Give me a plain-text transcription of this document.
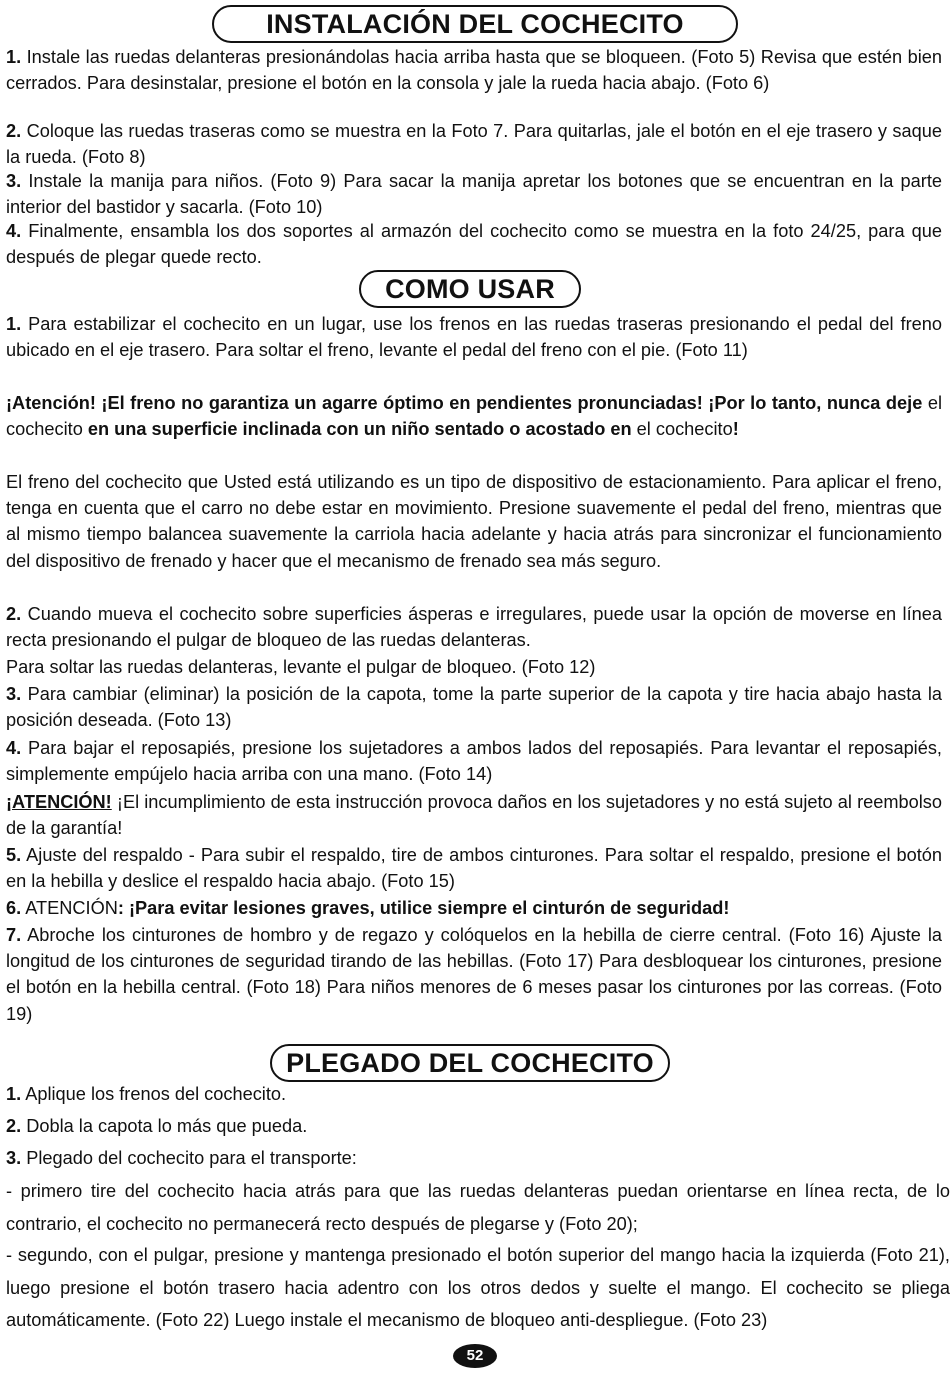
INSTALACIÓN DEL COCHECITO

1. Instale las ruedas delanteras presionándolas hacia arriba hasta que se bloqueen. (Foto 5) Revisa que estén bien cerrados. Para desinstalar, presione el botón en la consola y jale la rueda hacia abajo. (Foto 6)

2. Coloque las ruedas traseras como se muestra en la Foto 7. Para quitarlas, jale el botón en el eje trasero y saque la rueda. (Foto 8)

3. Instale la manija para niños. (Foto 9) Para sacar la manija apretar los botones que se encuentran en la parte interior del bastidor y sacarla. (Foto 10)

4. Finalmente, ensambla los dos soportes al armazón del cochecito como se muestra en la foto 24/25, para que después de plegar quede recto.

COMO USAR

1. Para estabilizar el cochecito en un lugar, use los frenos en las ruedas traseras presionando el pedal del freno ubicado en el eje trasero. Para soltar el freno, levante el pedal del freno con el pie. (Foto 11)

¡Atención! ¡El freno no garantiza un agarre óptimo en pendientes pronunciadas! ¡Por lo tanto, nunca deje el cochecito en una superficie inclinada con un niño sentado o acostado en el cochecito!

El freno del cochecito que Usted está utilizando es un tipo de dispositivo de estacionamiento. Para aplicar el freno, tenga en cuenta que el carro no debe estar en movimiento. Presione suavemente el pedal del freno, mientras que al mismo tiempo balancea suavemente la carriola hacia adelante y hacia atrás para sincronizar el funcionamiento del dispositivo de frenado y hacer que el mecanismo de frenado sea más seguro.

2. Cuando mueva el cochecito sobre superficies ásperas e irregulares, puede usar la opción de moverse en línea recta presionando el pulgar de bloqueo de las ruedas delanteras.

Para soltar las ruedas delanteras, levante el pulgar de bloqueo. (Foto 12)

3. Para cambiar (eliminar) la posición de la capota, tome la parte superior de la capota y tire hacia abajo hasta la posición deseada. (Foto 13)

4. Para bajar el reposapiés, presione los sujetadores a ambos lados del reposapiés. Para levantar el reposapiés, simplemente empújelo hacia arriba con una mano. (Foto 14)

¡ATENCIÓN! ¡El incumplimiento de esta instrucción provoca daños en los sujetadores y no está sujeto al reembolso de la garantía!

5. Ajuste del respaldo - Para subir el respaldo, tire de ambos cinturones. Para soltar el respaldo, presione el botón en la hebilla y deslice el respaldo hacia abajo. (Foto 15)

6. ATENCIÓN: ¡Para evitar lesiones graves, utilice siempre el cinturón de seguridad!

7. Abroche los cinturones de hombro y de regazo y colóquelos en la hebilla de cierre central. (Foto 16) Ajuste la longitud de los cinturones de seguridad tirando de las hebillas. (Foto 17) Para desbloquear los cinturones, presione el botón en la hebilla central. (Foto 18) Para niños menores de 6 meses pasar los cinturones por las correas. (Foto 19)

PLEGADO DEL COCHECITO

1. Aplique los frenos del cochecito.

2. Dobla la capota lo más que pueda.

3. Plegado del cochecito para el transporte:

- primero tire del cochecito hacia atrás para que las ruedas delanteras puedan orientarse en línea recta, de lo contrario, el cochecito no permanecerá recto después de plegarse y (Foto 20);

- segundo, con el pulgar, presione y mantenga presionado el botón superior del mango hacia la izquierda (Foto 21), luego presione el botón trasero hacia adentro con los otros dedos y suelte el mango. El cochecito se pliega automáticamente. (Foto 22) Luego instale el mecanismo de bloqueo anti-despliegue. (Foto 23)

52
